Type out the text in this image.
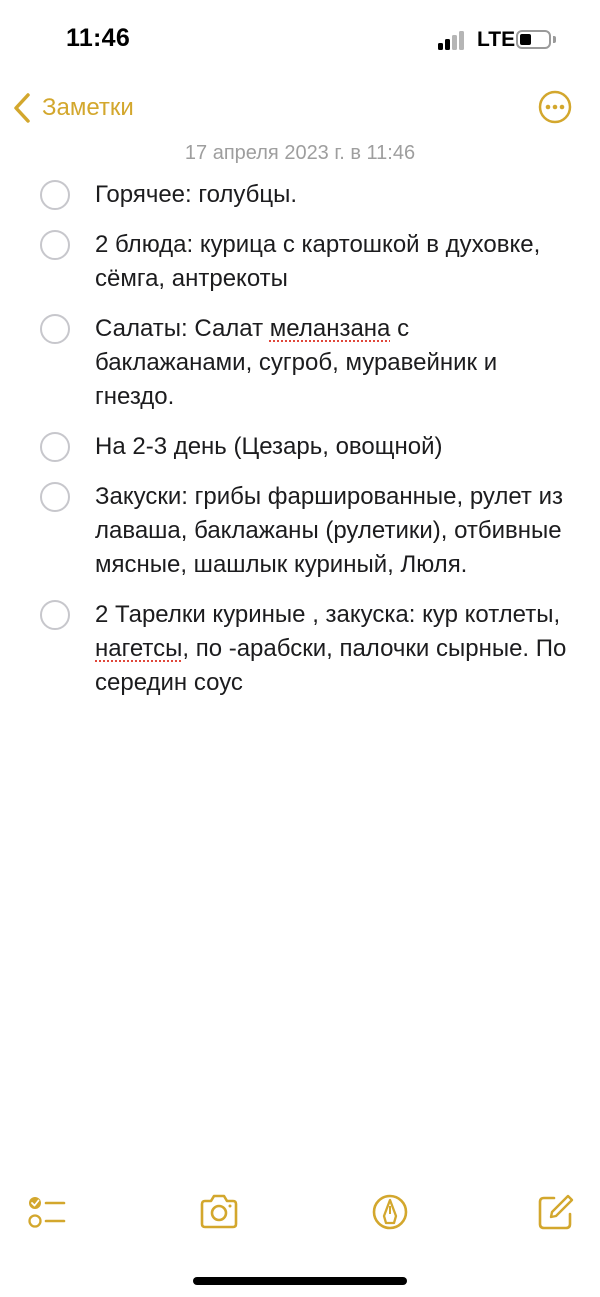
11:46	LTE
Заметки
17 апреля 2023 г. в 11:46
Горячее: голубцы.
2 блюда: курица с картошкой в духовке, сёмга, антрекоты
Салаты: Салат меланзана с баклажанами, сугроб, муравейник и гнездо.
На 2-3 день (Цезарь, овощной)
Закуски: грибы фаршированные, рулет из лаваша, баклажаны (рулетики), отбивные мясные, шашлык куриный, Люля.
2 Тарелки куриные , закуска: кур котлеты, нагетсы, по -арабски, палочки сырные. По середин соус
